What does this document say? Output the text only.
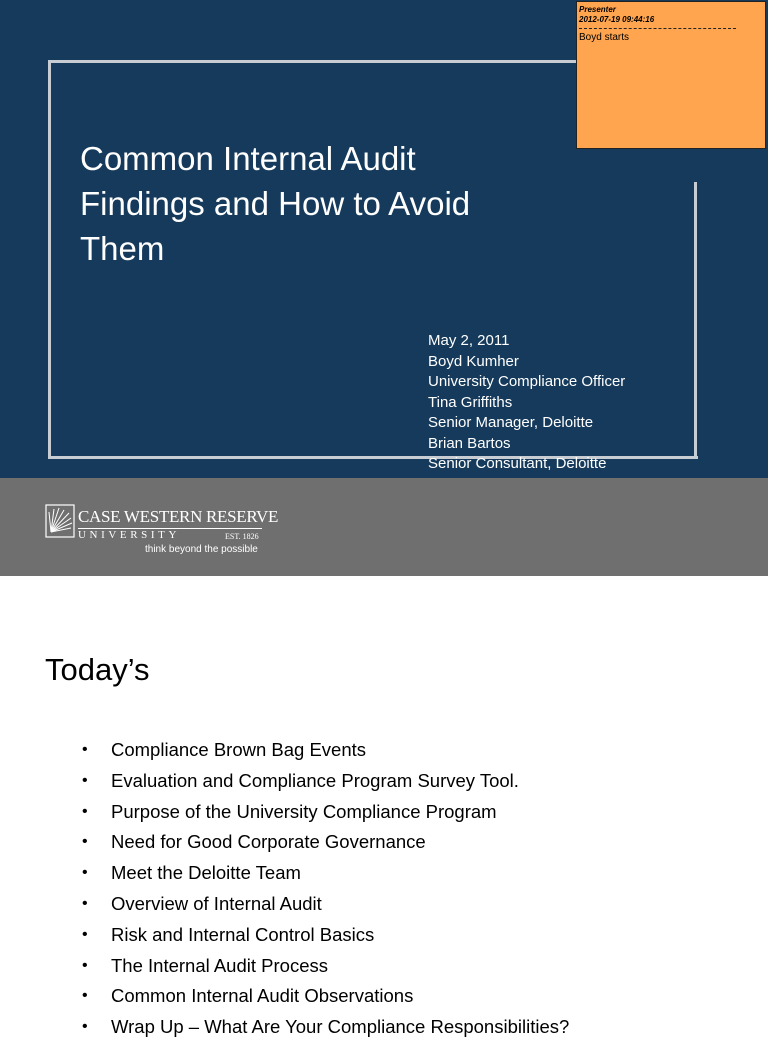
Common Internal Audit
Findings and How to Avoid
Them
May 2, 2011
Boyd Kumher
University Compliance Officer
Tina Griffiths
Senior Manager, Deloitte
Brian Bartos
Senior Consultant, Deloitte
CASE WESTERN RESERVE
UNIVERSITY	EST. 1826
think beyond the possible
Presenter
2012-07-19 09:44:16
Boyd starts
Today’s
• Compliance Brown Bag Events
• Evaluation and Compliance Program Survey Tool.
• Purpose of the University Compliance Program
• Need for Good Corporate Governance
• Meet the Deloitte Team
• Overview of Internal Audit
• Risk and Internal Control Basics
• The Internal Audit Process
• Common Internal Audit Observations
• Wrap Up – What Are Your Compliance Responsibilities?
